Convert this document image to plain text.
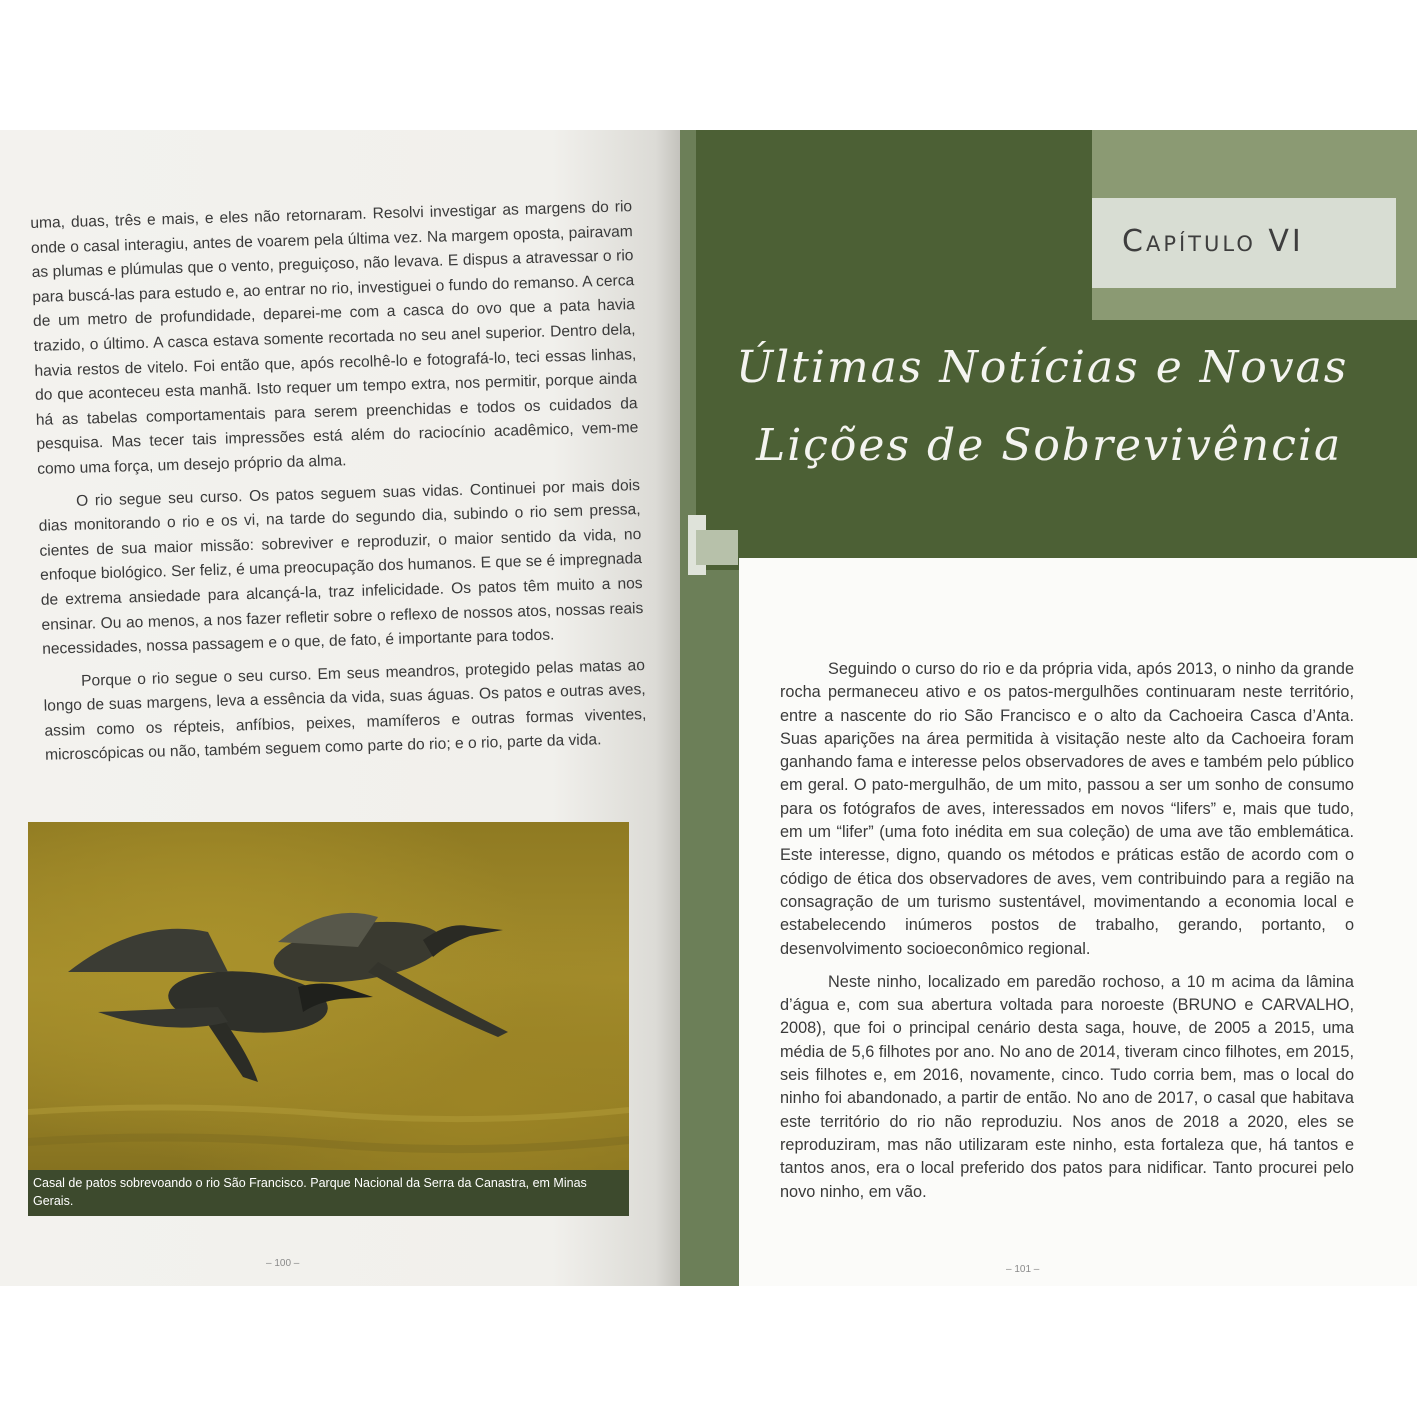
uma, duas, três e mais, e eles não retornaram. Resolvi investigar as margens do rio onde o casal interagiu, antes de voarem pela última vez. Na margem oposta, pairavam as plumas e plúmulas que o vento, preguiçoso, não levava. E dispus a atravessar o rio para buscá-las para estudo e, ao entrar no rio, investiguei o fundo do remanso. A cerca de um metro de profundidade, deparei-me com a casca do ovo que a pata havia trazido, o último. A casca estava somente recortada no seu anel superior. Dentro dela, havia restos de vitelo. Foi então que, após recolhê-lo e fotografá-lo, teci essas linhas, do que aconteceu esta manhã. Isto requer um tempo extra, nos permitir, porque ainda há as tabelas comportamentais para serem preenchidas e todos os cuidados da pesquisa. Mas tecer tais impressões está além do raciocínio acadêmico, vem-me como uma força, um desejo próprio da alma.

O rio segue seu curso. Os patos seguem suas vidas. Continuei por mais dois dias monitorando o rio e os vi, na tarde do segundo dia, subindo o rio sem pressa, cientes de sua maior missão: sobreviver e reproduzir, o maior sentido da vida, no enfoque biológico. Ser feliz, é uma preocupação dos humanos. E que se é impregnada de extrema ansiedade para alcançá-la, traz infelicidade. Os patos têm muito a nos ensinar. Ou ao menos, a nos fazer refletir sobre o reflexo de nossos atos, nossas reais necessidades, nossa passagem e o que, de fato, é importante para todos.

Porque o rio segue o seu curso. Em seus meandros, protegido pelas matas ao longo de suas margens, leva a essência da vida, suas águas. Os patos e outras aves, assim como os répteis, anfíbios, peixes, mamíferos e outras formas viventes, microscópicas ou não, também seguem como parte do rio; e o rio, parte da vida.

Casal de patos sobrevoando o rio São Francisco. Parque Nacional da Serra da Canastra, em Minas Gerais.
– 100 –
Capítulo VI
Últimas Notícias e Novas
Lições de Sobrevivência
– 101 –

Seguindo o curso do rio e da própria vida, após 2013, o ninho da grande rocha permaneceu ativo e os patos-mergulhões continuaram neste território, entre a nascente do rio São Francisco e o alto da Cachoeira Casca d’Anta. Suas aparições na área permitida à visitação neste alto da Cachoeira foram ganhando fama e interesse pelos observadores de aves e também pelo público em geral. O pato-mergulhão, de um mito, passou a ser um sonho de consumo para os fotógrafos de aves, interessados em novos “lifers” e, mais que tudo, em um “lifer” (uma foto inédita em sua coleção) de uma ave tão emblemática. Este interesse, digno, quando os métodos e práticas estão de acordo com o código de ética dos observadores de aves, vem contribuindo para a região na consagração de um turismo sustentável, movimentando a economia local e estabelecendo inúmeros postos de trabalho, gerando, portanto, o desenvolvimento socioeconômico regional.

Neste ninho, localizado em paredão rochoso, a 10 m acima da lâmina d’água e, com sua abertura voltada para noroeste (BRUNO e CARVALHO, 2008), que foi o principal cenário desta saga, houve, de 2005 a 2015, uma média de 5,6 filhotes por ano. No ano de 2014, tiveram cinco filhotes, em 2015, seis filhotes e, em 2016, novamente, cinco. Tudo corria bem, mas o local do ninho foi abandonado, a partir de então. No ano de 2017, o casal que habitava este território do rio não reproduziu. Nos anos de 2018 a 2020, eles se reproduziram, mas não utilizaram este ninho, esta fortaleza que, há tantos e tantos anos, era o local preferido dos patos para nidificar. Tanto procurei pelo novo ninho, em vão.
